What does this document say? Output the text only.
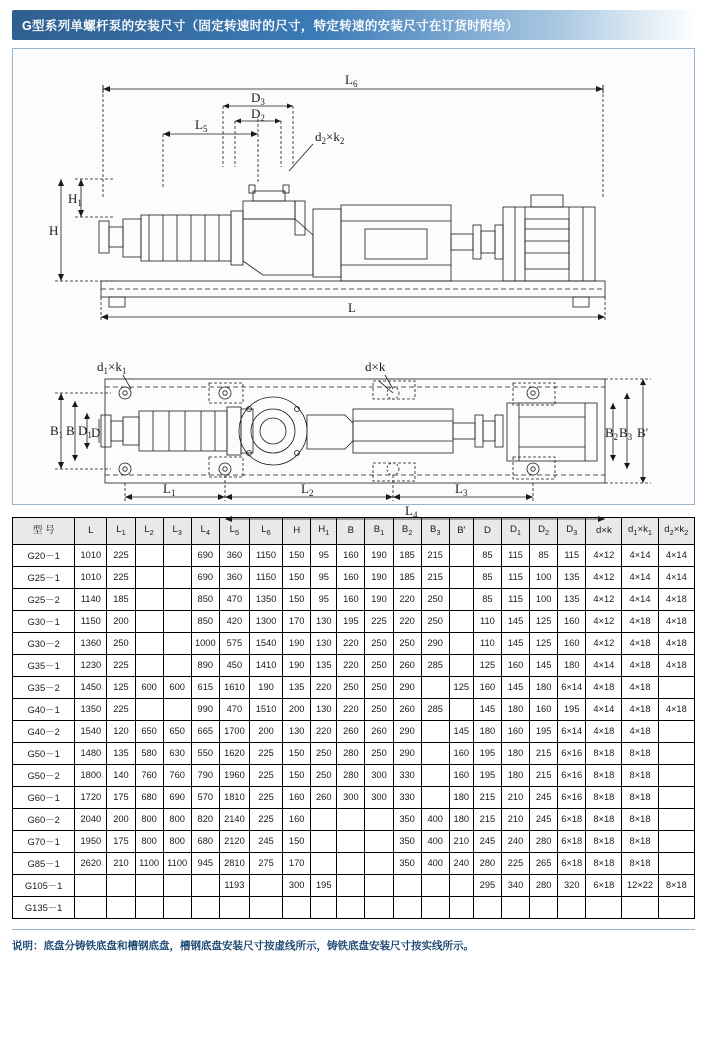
G型系列单螺杆泵的安装尺寸（固定转速时的尺寸，特定转速的安装尺寸在订货时附给）
$L_6$
$L_5$
L
$D_3$
$D_2$
$d_2\times k_2$
$H_1$
H
$d_1\times k_1$	d×k
$B_1$ B $D_1$ D	$B_2$ $B_3$ B'
$L_1$	$L_2$	$L_3$
$L_4$
型 号	L	$L_1$	$L_2$	$L_3$	$L_4$	$L_5$	$L_6$	H	$H_1$	B	$B_1$	$B_2$	$B_3$	B'	D	$D_1$	$D_2$	$D_3$	d×k	$d_1\times k_1$	$d_2\times k_2$
G20－1	1010	225			690	360	1150	150	95	160	190	185	215		85	115	85	115	4×12	4×14	4×14
G25－1	1010	225			690	360	1150	150	95	160	190	185	215		85	115	100	135	4×12	4×14	4×14
G25－2	1140	185			850	470	1350	150	95	160	190	220	250		85	115	100	135	4×12	4×14	4×18
G30－1	1150	200			850	420	1300	170	130	195	225	220	250		110	145	125	160	4×12	4×18	4×18
G30－2	1360	250			1000	575	1540	190	130	220	250	250	290		110	145	125	160	4×12	4×18	4×18
G35－1	1230	225			890	450	1410	190	135	220	250	260	285		125	160	145	180	4×14	4×18	4×18
G35－2	1450	125	600	600	615	1610	190	135	220	250	250	290		125	160	145	180	6×14	4×18	4×18	
G40－1	1350	225			990	470	1510	200	130	220	250	260	285		145	180	160	195	4×14	4×18	4×18
G40－2	1540	120	650	650	665	1700	200	130	220	260	260	290		145	180	160	195	6×14	4×18	4×18	
G50－1	1480	135	580	630	550	1620	225	150	250	280	250	290		160	195	180	215	6×16	8×18	8×18	
G50－2	1800	140	760	760	790	1960	225	150	250	280	300	330		160	195	180	215	6×16	8×18	8×18	
G60－1	1720	175	680	690	570	1810	225	160	260	300	300	330		180	215	210	245	6×16	8×18	8×18	
G60－2	2040	200	800	800	820	2140	225	160				350	400	180	215	210	245	6×18	8×18	8×18	
G70－1	1950	175	800	800	680	2120	245	150				350	400	210	245	240	280	6×18	8×18	8×18	
G85－1	2620	210	1100	1100	945	2810	275	170				350	400	240	280	225	265	6×18	8×18	8×18	
G105－1						1193		300	195						295	340	280	320	6×18	12×22	8×18
G135－1																					
说明： 底盘分铸铁底盘和槽钢底盘，槽钢底盘安装尺寸按虚线所示，铸铁底盘安装尺寸按实线所示。
